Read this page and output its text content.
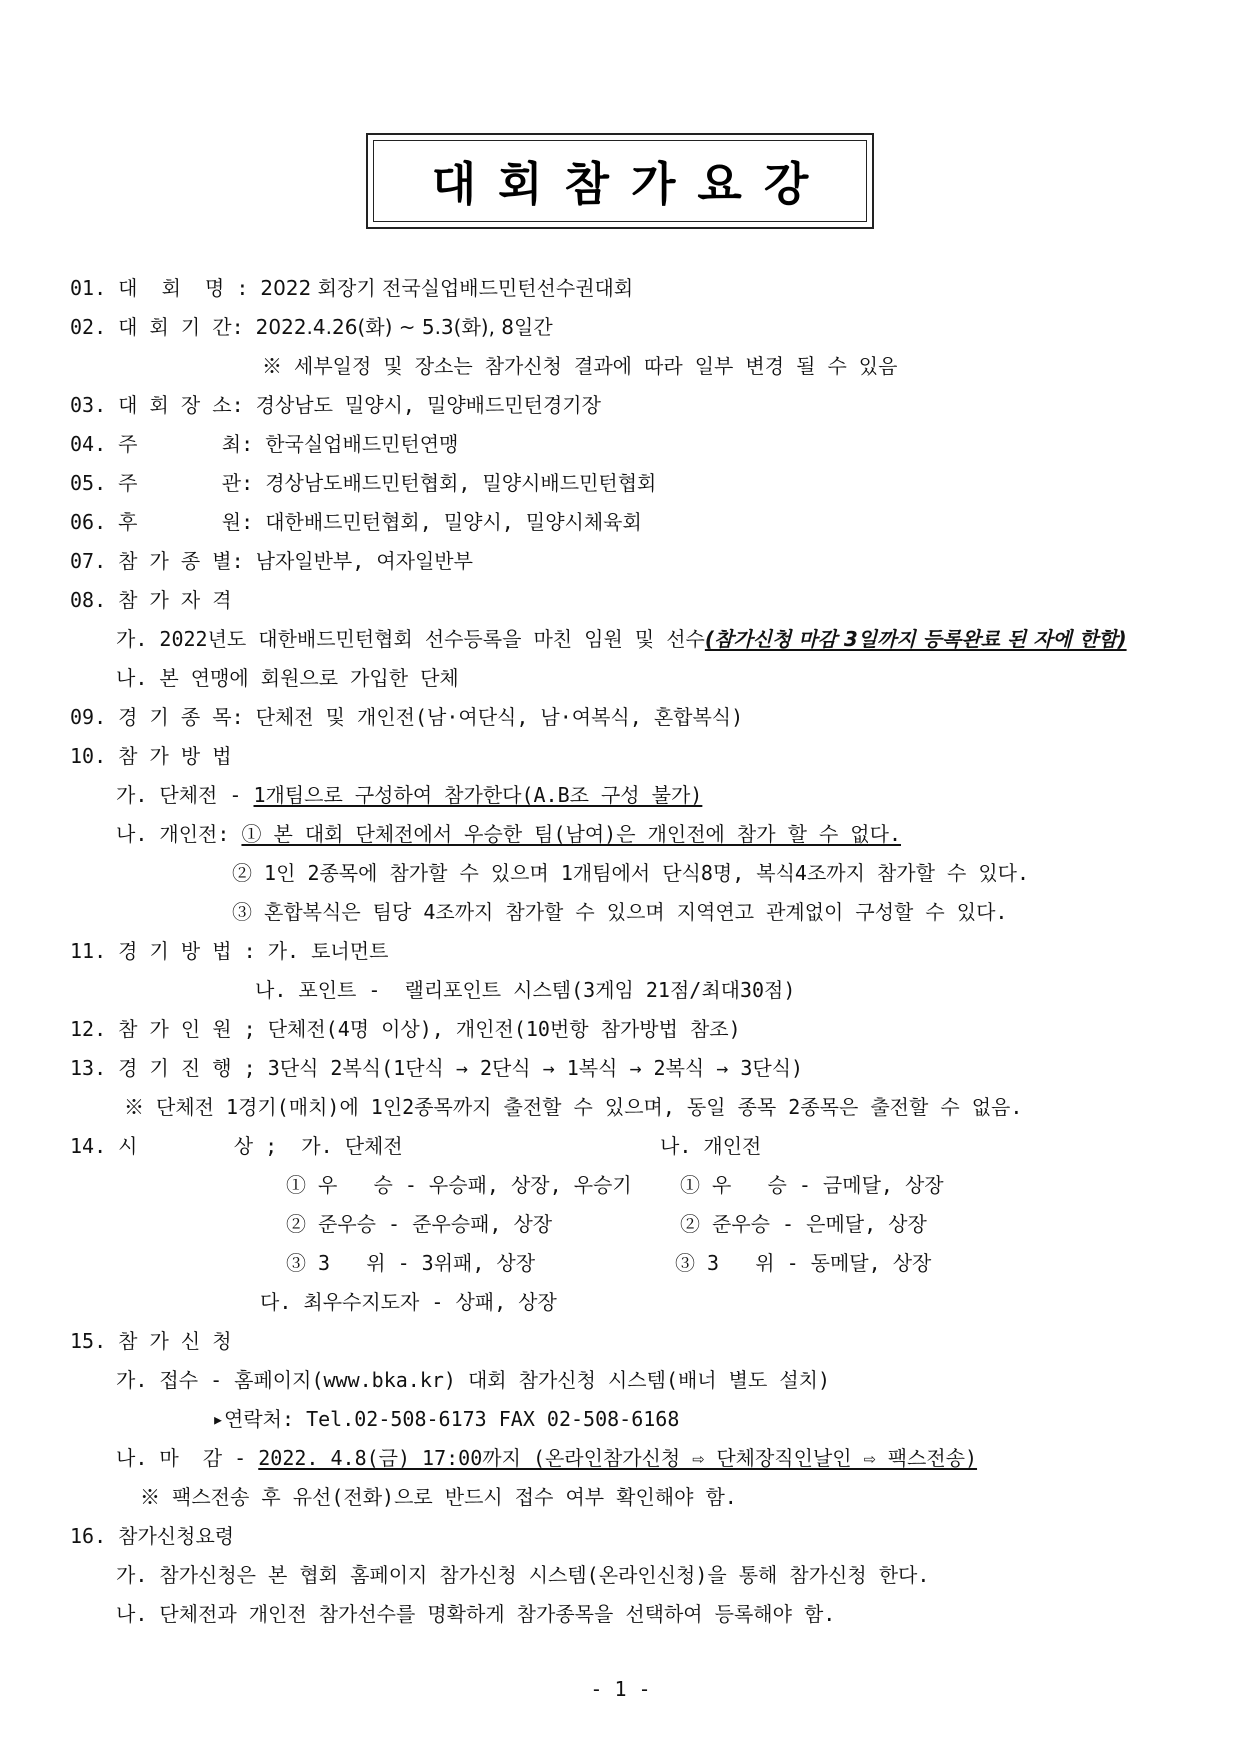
대회참가요강
01. 대  회  명 : 2022 회장기 전국실업배드민턴선수권대회
02. 대 회 기 간: 2022.4.26(화) ~ 5.3(화), 8일간
※ 세부일정 및 장소는 참가신청 결과에 따라 일부 변경 될 수 있음
03. 대 회 장 소: 경상남도 밀양시, 밀양배드민턴경기장
04. 주       최: 한국실업배드민턴연맹
05. 주       관: 경상남도배드민턴협회, 밀양시배드민턴협회
06. 후       원: 대한배드민턴협회, 밀양시, 밀양시체육회
07. 참 가 종 별: 남자일반부, 여자일반부
08. 참 가 자 격
가. 2022년도 대한배드민턴협회 선수등록을 마친 임원 및 선수(참가신청 마감 3일까지 등록완료 된 자에 한함)
나. 본 연맹에 회원으로 가입한 단체
09. 경 기 종 목: 단체전 및 개인전(남·여단식, 남·여복식, 혼합복식)
10. 참 가 방 법
가. 단체전 - 1개팀으로 구성하여 참가한다(A.B조 구성 불가)
나. 개인전: ① 본 대회 단체전에서 우승한 팀(남여)은 개인전에 참가 할 수 없다.
② 1인 2종목에 참가할 수 있으며 1개팀에서 단식8명, 복식4조까지 참가할 수 있다.
③ 혼합복식은 팀당 4조까지 참가할 수 있으며 지역연고 관계없이 구성할 수 있다.
11. 경 기 방 법 : 가. 토너먼트
나. 포인트 -  랠리포인트 시스템(3게임 21점/최대30점)
12. 참 가 인 원 ; 단체전(4명 이상), 개인전(10번항 참가방법 참조)
13. 경 기 진 행 ; 3단식 2복식(1단식 → 2단식 → 1복식 → 2복식 → 3단식)
※ 단체전 1경기(매치)에 1인2종목까지 출전할 수 있으며, 동일 종목 2종목은 출전할 수 없음.
14. 시        상 ;  가. 단체전	나. 개인전
① 우   승 - 우승패, 상장, 우승기
② 준우승 - 준우승패, 상장
③ 3   위 - 3위패, 상장
① 우   승 - 금메달, 상장
② 준우승 - 은메달, 상장
③ 3   위 - 동메달, 상장
다. 최우수지도자 - 상패, 상장
15. 참 가 신 청
가. 접수 - 홈페이지(www.bka.kr) 대회 참가신청 시스템(배너 별도 설치)
▸연락처: Tel.02-508-6173 FAX 02-508-6168
나. 마  감 - 2022. 4.8(금) 17:00까지 (온라인참가신청 ⇨ 단체장직인날인 ⇨ 팩스전송)
※ 팩스전송 후 유선(전화)으로 반드시 접수 여부 확인해야 함.
16. 참가신청요령
가. 참가신청은 본 협회 홈페이지 참가신청 시스템(온라인신청)을 통해 참가신청 한다.
나. 단체전과 개인전 참가선수를 명확하게 참가종목을 선택하여 등록해야 함.
- 1 -
